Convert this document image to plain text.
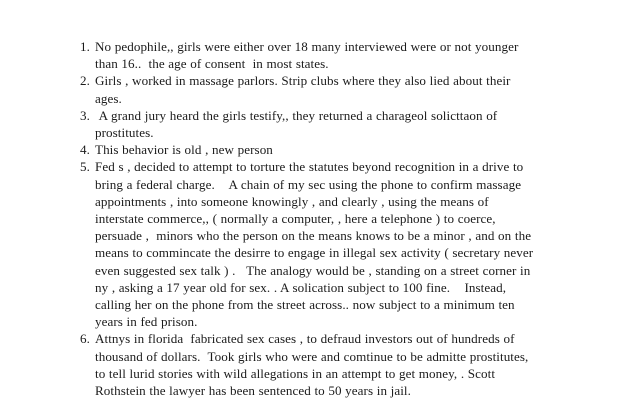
1. No pedophile,, girls were either over 18 many interviewed were or not younger than 16..  the age of consent  in most states.
2. Girls , worked in massage parlors. Strip clubs where they also lied about their ages.
3. A grand jury heard the girls testify,, they returned a charageol solicttaon of prostitutes.
4. This behavior is old , new person
5. Fed s , decided to attempt to torture the statutes beyond recognition in a drive to  bring a federal charge.    A chain of my sec using the phone to confirm massage appointments , into someone knowingly , and clearly , using the means of interstate commerce,, ( normally a computer, , here a telephone ) to coerce, persuade ,  minors who the person on the means knows to be a minor , and on the means to commincate the desirre to engage in illegal sex activity ( secretary never even suggested sex talk ) .   The analogy would be , standing on a street corner in ny , asking a 17 year old for sex. . A solication subject to 100 fine.    Instead, calling her on the phone from the street across.. now subject to a minimum ten years in fed prison.
6. Attnys in florida  fabricated sex cases , to defraud investors out of hundreds of thousand of dollars.  Took girls who were and comtinue to be admitte prostitutes, to tell lurid stories with wild allegations in an attempt to get money, . Scott Rothstein the lawyer has been sentenced to 50 years in jail.
